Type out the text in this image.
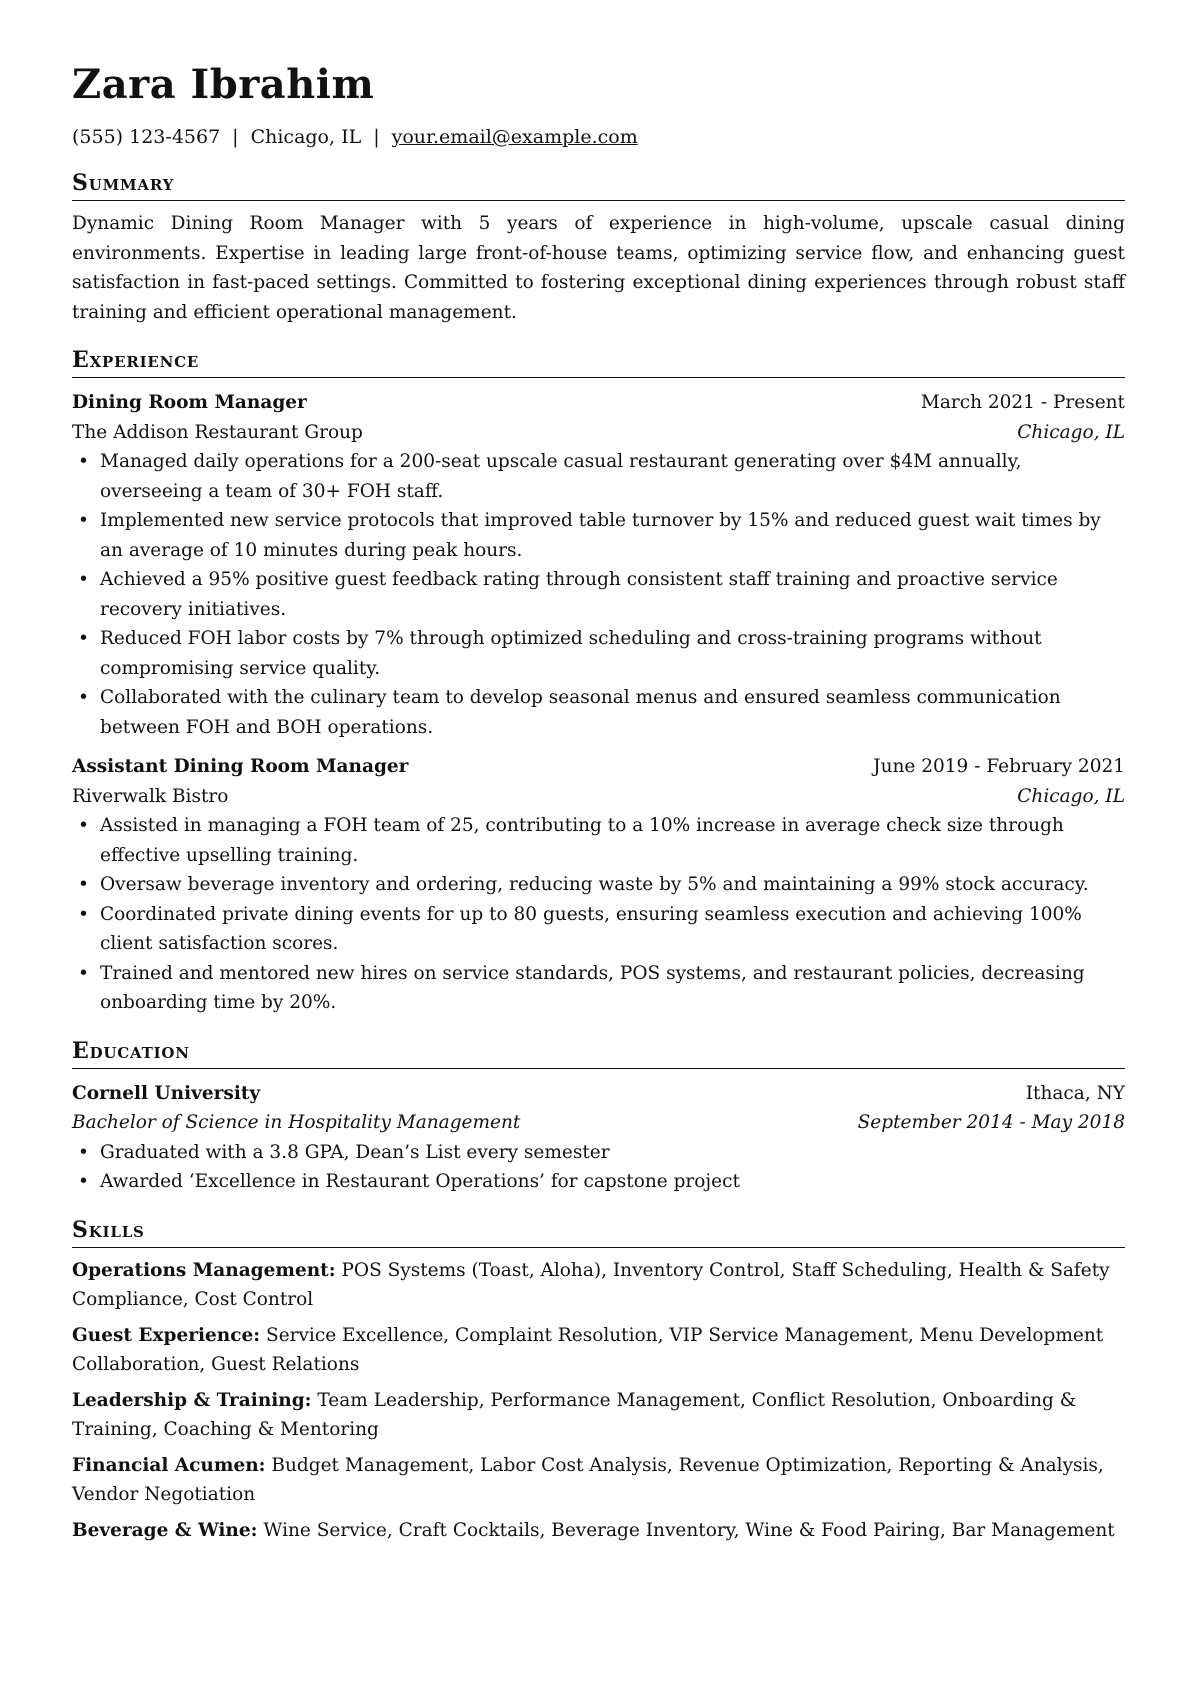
Zara Ibrahim
(555) 123-4567 | Chicago, IL | your.email@example.com
Summary
Dynamic Dining Room Manager with 5 years of experience in high-volume, upscale casual dining environments. Expertise in leading large front-of-house teams, optimizing service flow, and enhancing guest satisfaction in fast-paced settings. Committed to fostering exceptional dining experiences through robust staff training and efficient operational management.
Experience
Dining Room Manager	March 2021 - Present
The Addison Restaurant Group	Chicago, IL
• Managed daily operations for a 200-seat upscale casual restaurant generating over $4M annually, overseeing a team of 30+ FOH staff.
• Implemented new service protocols that improved table turnover by 15% and reduced guest wait times by an average of 10 minutes during peak hours.
• Achieved a 95% positive guest feedback rating through consistent staff training and proactive service recovery initiatives.
• Reduced FOH labor costs by 7% through optimized scheduling and cross-training programs without compromising service quality.
• Collaborated with the culinary team to develop seasonal menus and ensured seamless communication between FOH and BOH operations.
Assistant Dining Room Manager	June 2019 - February 2021
Riverwalk Bistro	Chicago, IL
• Assisted in managing a FOH team of 25, contributing to a 10% increase in average check size through effective upselling training.
• Oversaw beverage inventory and ordering, reducing waste by 5% and maintaining a 99% stock accuracy.
• Coordinated private dining events for up to 80 guests, ensuring seamless execution and achieving 100% client satisfaction scores.
• Trained and mentored new hires on service standards, POS systems, and restaurant policies, decreasing onboarding time by 20%.
Education
Cornell University	Ithaca, NY
Bachelor of Science in Hospitality Management	September 2014 - May 2018
• Graduated with a 3.8 GPA, Dean’s List every semester
• Awarded ‘Excellence in Restaurant Operations’ for capstone project
Skills
Operations Management: POS Systems (Toast, Aloha), Inventory Control, Staff Scheduling, Health & Safety Compliance, Cost Control
Guest Experience: Service Excellence, Complaint Resolution, VIP Service Management, Menu Development Collaboration, Guest Relations
Leadership & Training: Team Leadership, Performance Management, Conflict Resolution, Onboarding & Training, Coaching & Mentoring
Financial Acumen: Budget Management, Labor Cost Analysis, Revenue Optimization, Reporting & Analysis, Vendor Negotiation
Beverage & Wine: Wine Service, Craft Cocktails, Beverage Inventory, Wine & Food Pairing, Bar Management
